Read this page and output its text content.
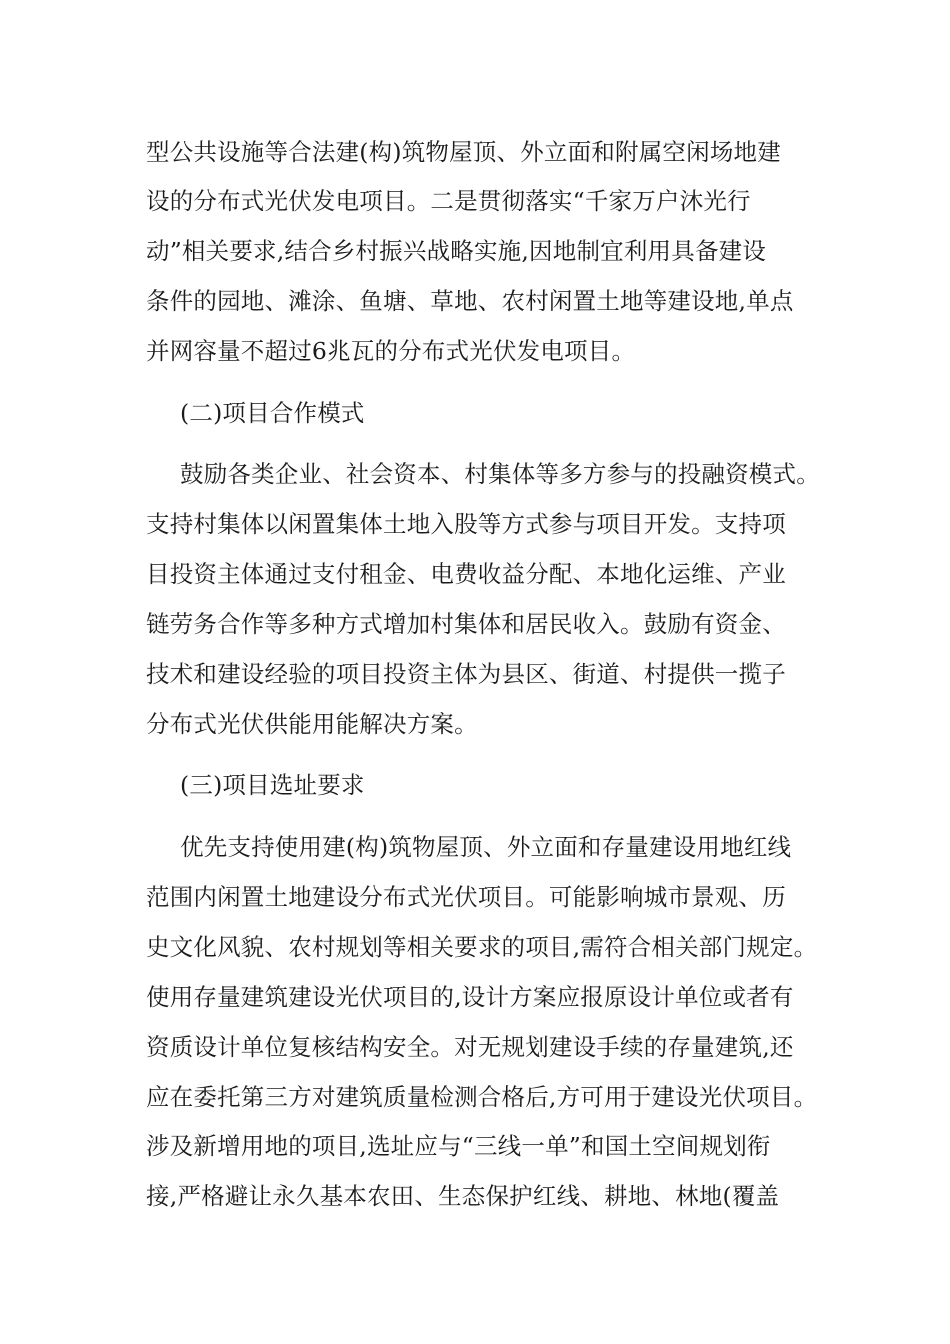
型公共设施等合法建(构)筑物屋顶、外立面和附属空闲场地建
设的分布式光伏发电项目。二是贯彻落实“千家万户沐光行
动”相关要求,结合乡村振兴战略实施,因地制宜利用具备建设
条件的园地、滩涂、鱼塘、草地、农村闲置土地等建设地,单点
并网容量不超过6兆瓦的分布式光伏发电项目。
(二)项目合作模式
鼓励各类企业、社会资本、村集体等多方参与的投融资模式。
支持村集体以闲置集体土地入股等方式参与项目开发。支持项
目投资主体通过支付租金、电费收益分配、本地化运维、产业
链劳务合作等多种方式增加村集体和居民收入。鼓励有资金、
技术和建设经验的项目投资主体为县区、街道、村提供一揽子
分布式光伏供能用能解决方案。
(三)项目选址要求
优先支持使用建(构)筑物屋顶、外立面和存量建设用地红线
范围内闲置土地建设分布式光伏项目。可能影响城市景观、历
史文化风貌、农村规划等相关要求的项目,需符合相关部门规定。
使用存量建筑建设光伏项目的,设计方案应报原设计单位或者有
资质设计单位复核结构安全。对无规划建设手续的存量建筑,还
应在委托第三方对建筑质量检测合格后,方可用于建设光伏项目。
涉及新增用地的项目,选址应与“三线一单”和国土空间规划衔
接,严格避让永久基本农田、生态保护红线、耕地、林地(覆盖
